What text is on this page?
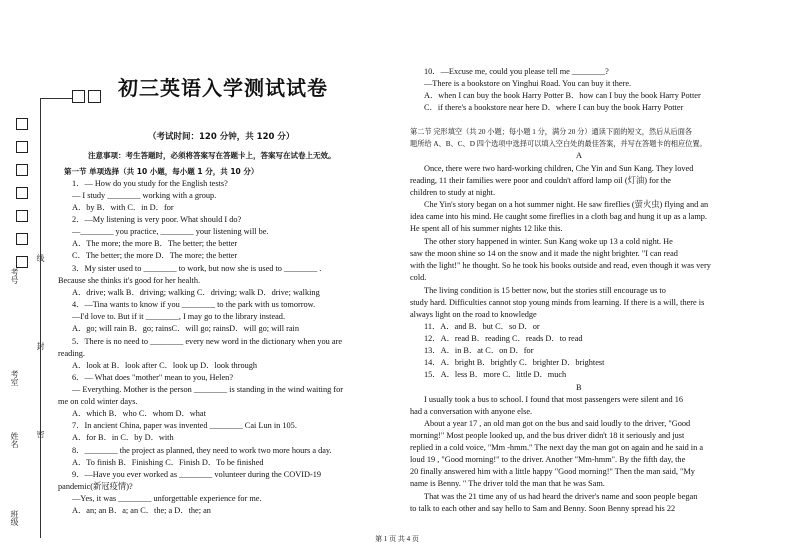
考号
线
考室
封
姓名 密
班级
初三英语入学测试试卷
（考试时间：120 分钟，共 120 分）
注意事项：考生答题时，必须将答案写在答题卡上，答案写在试卷上无效。
第一节 单项选择（共 10 小题，每小题 1 分，共 10 分）
1．— How do you study for the English tests?
— I study ________ working with a group.
A．by B．with C．in D．for
2．—My listening is very poor. What should I do?
—________ you practice, ________ your listening will be.
A．The more; the more B．The better; the better
C．The better; the more D．The more; the better
3．My sister used to ________ to work, but now she is used to ________ .
Because she thinks it's good for her health.
A．drive; walk B．driving; walking C．driving; walk D．drive; walking
4．—Tina wants to know if you ________ to the park with us tomorrow.
—I'd love to. But if it ________, I may go to the library instead.
A．go; will rain B．go; rainsC．will go; rainsD．will go; will rain
5．There is no need to ________ every new word in the dictionary when you are
reading.
A．look at B．look after C．look up D．look through
6．— What does "mother" mean to you, Helen?
— Everything. Mother is the person ________ is standing in the wind waiting for
me on cold winter days.
A．which B．who C．whom D．what
7．In ancient China, paper was invented ________ Cai Lun in 105.
A．for B．in C．by D．with
8．________ the project as planned, they need to work two more hours a day.
A．To finish B．Finishing C．Finish D．To be finished
9．—Have you ever worked as ________ volunteer during the COVID-19
pandemic(新冠疫情)?
—Yes, it was ________ unforgettable experience for me.
A．an; an B．a; an C．the; a D．the; an
10．—Excuse me, could you please tell me ________?
—There is a bookstore on Yinghui Road. You can buy it there.
A．when I can buy the book Harry Potter B．how can I buy the book Harry Potter
C．if there's a bookstore near here D．where I can buy the book Harry Potter
第二节 完形填空（共 20 小题；每小题 1 分，满分 20 分）通读下面的短文，然后从后面各
题所给 A、B、C、D 四个选项中选择可以填入空白处的最佳答案，并写在答题卡的相应位置。
A
Once, there were two hard-working children, Che Yin and Sun Kang. They loved
reading, 11 their families were poor and couldn't afford lamp oil (灯油) for the
children to study at night.
Che Yin's story began on a hot summer night. He saw fireflies (萤火虫) flying and an
idea came into his mind. He caught some fireflies in a cloth bag and hung it up as a lamp.
He spent all of his summer nights 12 like this.
The other story happened in winter. Sun Kang woke up 13 a cold night. He
saw the moon shine so 14 on the snow and it made the night brighter. "I can read
with the light!" he thought. So he took his books outside and read, even though it was very
cold.
The living condition is 15 better now, but the stories still encourage us to
study hard. Difficulties cannot stop young minds from learning. If there is a will, there is
always light on the road to knowledge
11．A．and B．but C．so D．or
12．A．read B．reading C．reads D．to read
13．A．in B．at C．on D．for
14．A．bright B．brightly C．brighter D．brightest
15．A．less B．more C．little D．much
B
I usually took a bus to school. I found that most passengers were silent and 16
had a conversation with anyone else.
About a year 17 , an old man got on the bus and said loudly to the driver, "Good
morning!" Most people looked up, and the bus driver didn't 18 it seriously and just
replied in a cold voice, "Mm -hmm." The next day the man got on again and he said in a
loud 19 , "Good morning!" to the driver. Another "Mm-hmm". By the fifth day, the
20 finally answered him with a little happy "Good morning!" Then the man said, "My
name is Benny. " The driver told the man that he was Sam.
That was the 21 time any of us had heard the driver's name and soon people began
to talk to each other and say hello to Sam and Benny. Soon Benny spread his 22
第 1 页 共 4 页
